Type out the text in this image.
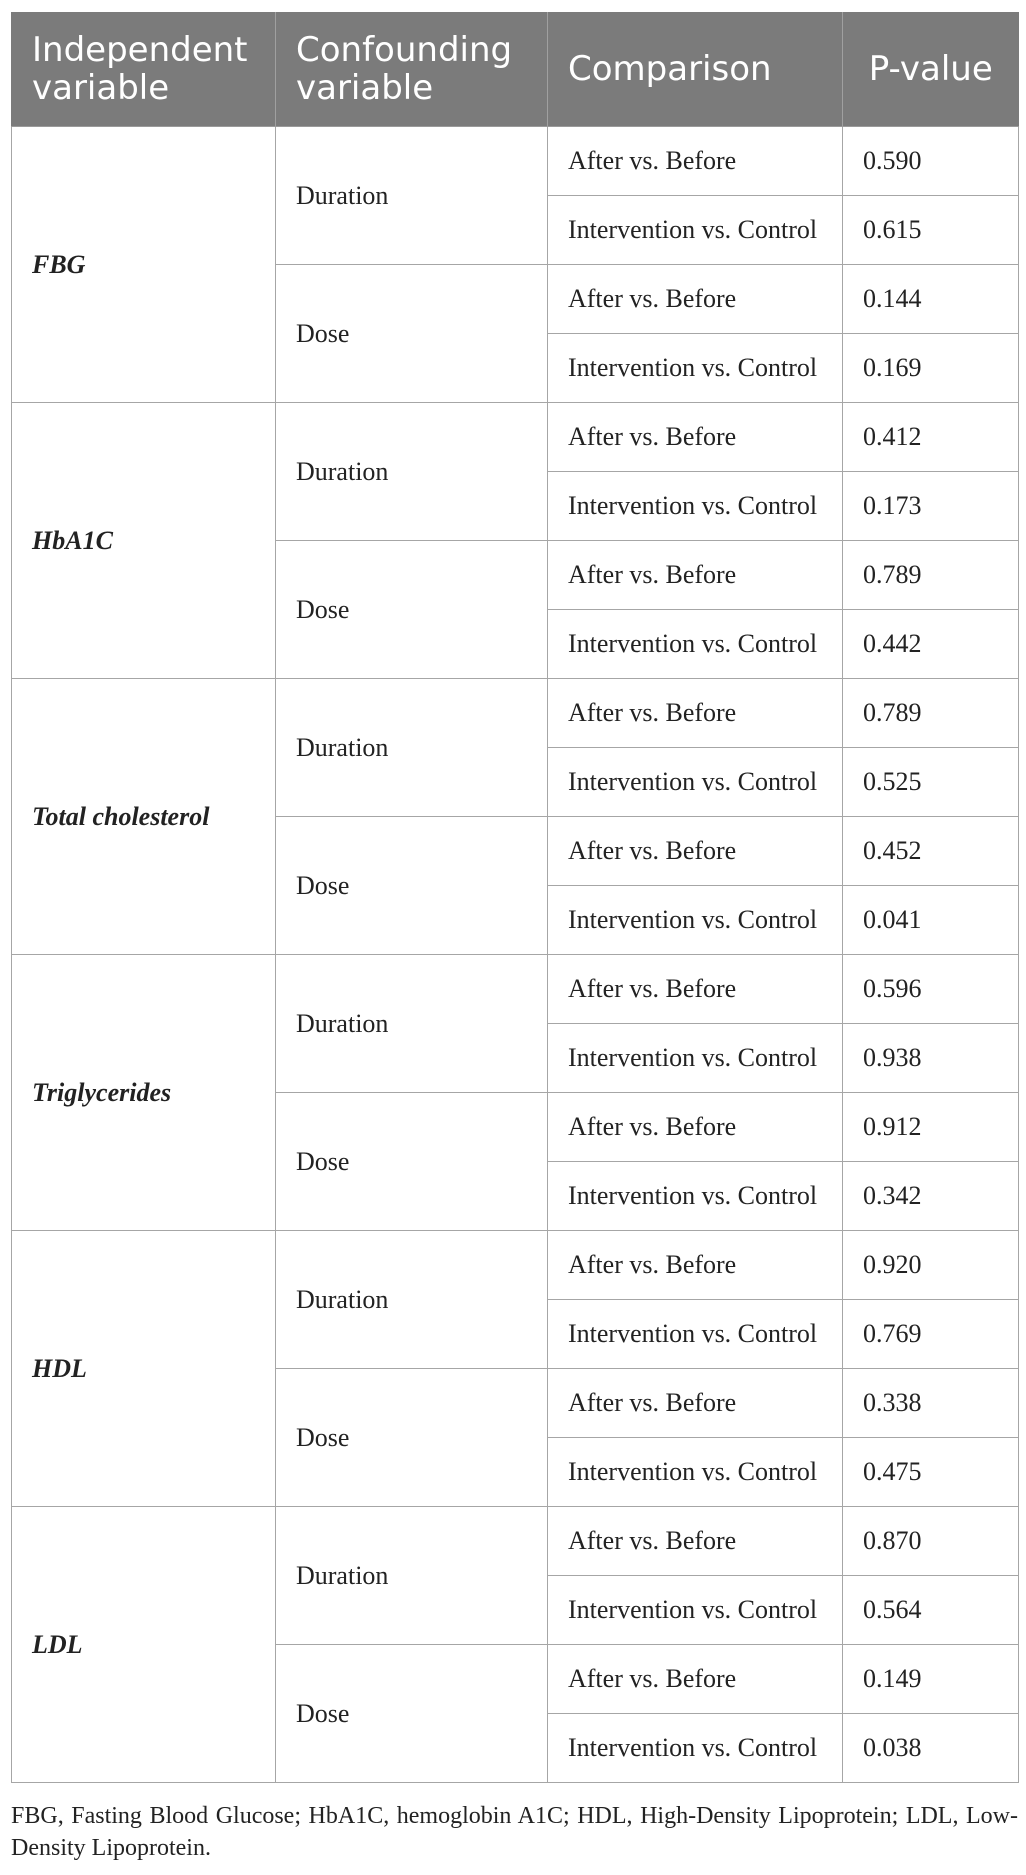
Independent variable	Confounding variable	Comparison	P-value
FBG	Duration	After vs. Before	0.590
		Intervention vs. Control	0.615
	Dose	After vs. Before	0.144
		Intervention vs. Control	0.169
HbA1C	Duration	After vs. Before	0.412
		Intervention vs. Control	0.173
	Dose	After vs. Before	0.789
		Intervention vs. Control	0.442
Total cholesterol	Duration	After vs. Before	0.789
		Intervention vs. Control	0.525
	Dose	After vs. Before	0.452
		Intervention vs. Control	0.041
Triglycerides	Duration	After vs. Before	0.596
		Intervention vs. Control	0.938
	Dose	After vs. Before	0.912
		Intervention vs. Control	0.342
HDL	Duration	After vs. Before	0.920
		Intervention vs. Control	0.769
	Dose	After vs. Before	0.338
		Intervention vs. Control	0.475
LDL	Duration	After vs. Before	0.870
		Intervention vs. Control	0.564
	Dose	After vs. Before	0.149
		Intervention vs. Control	0.038
FBG, Fasting Blood Glucose; HbA1C, hemoglobin A1C; HDL, High-Density Lipoprotein; LDL, Low-Density Lipoprotein.
